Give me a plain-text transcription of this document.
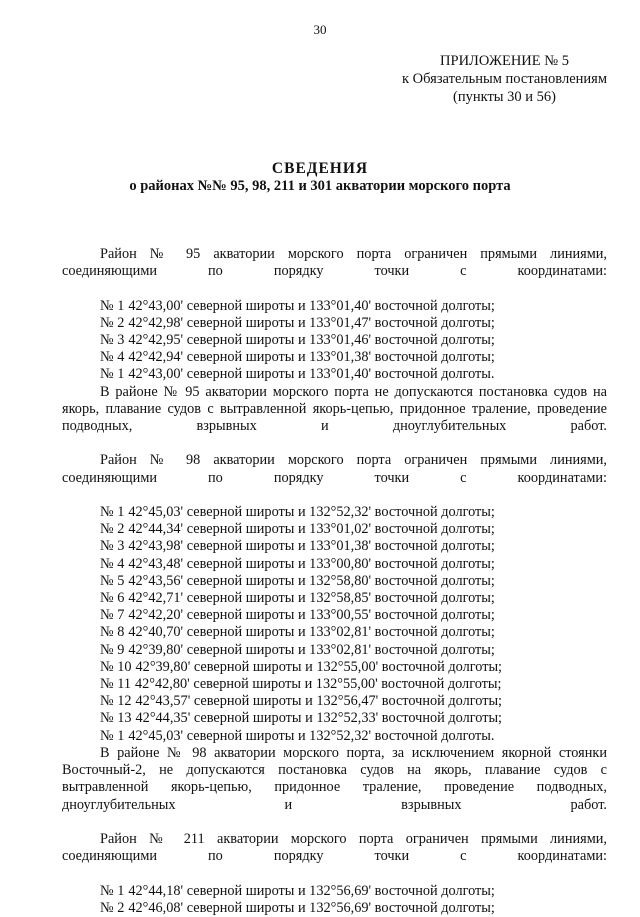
30
ПРИЛОЖЕНИЕ № 5
к Обязательным постановлениям
(пункты 30 и 56)
СВЕДЕНИЯ
о районах №№ 95, 98, 211 и 301 акватории морского порта
Район № 95 акватории морского порта ограничен прямыми линиями, соединяющими по порядку точки с координатами:
№ 1 42°43,00' северной широты и 133°01,40' восточной долготы;
№ 2 42°42,98' северной широты и 133°01,47' восточной долготы;
№ 3 42°42,95' северной широты и 133°01,46' восточной долготы;
№ 4 42°42,94' северной широты и 133°01,38' восточной долготы;
№ 1 42°43,00' северной широты и 133°01,40' восточной долготы.
В районе № 95 акватории морского порта не допускаются постановка судов на якорь, плавание судов с вытравленной якорь-цепью, придонное траление, проведение подводных, взрывных и дноуглубительных работ.
Район № 98 акватории морского порта ограничен прямыми линиями, соединяющими по порядку точки с координатами:
№ 1 42°45,03' северной широты и 132°52,32' восточной долготы;
№ 2 42°44,34' северной широты и 133°01,02' восточной долготы;
№ 3 42°43,98' северной широты и 133°01,38' восточной долготы;
№ 4 42°43,48' северной широты и 133°00,80' восточной долготы;
№ 5 42°43,56' северной широты и 132°58,80' восточной долготы;
№ 6 42°42,71' северной широты и 132°58,85' восточной долготы;
№ 7 42°42,20' северной широты и 133°00,55' восточной долготы;
№ 8 42°40,70' северной широты и 133°02,81' восточной долготы;
№ 9 42°39,80' северной широты и 133°02,81' восточной долготы;
№ 10 42°39,80' северной широты и 132°55,00' восточной долготы;
№ 11 42°42,80' северной широты и 132°55,00' восточной долготы;
№ 12 42°43,57' северной широты и 132°56,47' восточной долготы;
№ 13 42°44,35' северной широты и 132°52,33' восточной долготы;
№ 1 42°45,03' северной широты и 132°52,32' восточной долготы.
В районе № 98 акватории морского порта, за исключением якорной стоянки Восточный-2, не допускаются постановка судов на якорь, плавание судов с вытравленной якорь-цепью, придонное траление, проведение подводных, дноуглубительных и взрывных работ.
Район № 211 акватории морского порта ограничен прямыми линиями, соединяющими по порядку точки с координатами:
№ 1 42°44,18' северной широты и 132°56,69' восточной долготы;
№ 2 42°46,08' северной широты и 132°56,69' восточной долготы;
